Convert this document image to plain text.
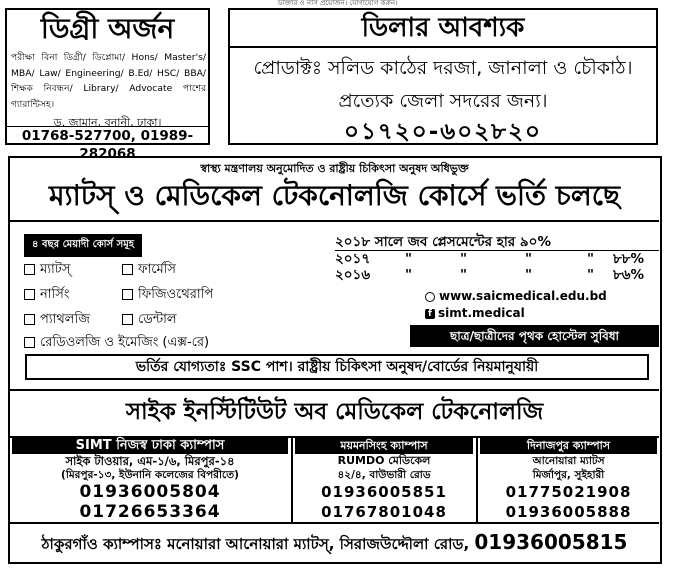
ডাক্তার ও নার্স প্রয়োজন। যোগাযোগ করুন।
ডিগ্রী অর্জন
পরীক্ষা বিনা ডিগ্রী/ ডিপ্লোমা/ Hons/ Master's/ MBA/ Law/ Engineering/ B.Ed/ HSC/ BBA/ শিক্ষক নিবন্ধন/ Library/ Advocate পাশের গ্যারান্টিসহ।
ড. জামান, বনানী, ঢাকা।
01768-527700, 01989-282068
ডিলার আবশ্যক
প্রোডাক্টঃ সলিড কাঠের দরজা, জানালা ও চৌকাঠ। প্রত্যেক জেলা সদরের জন্য।
০১৭২০-৬০২৮২০
স্বাস্থ্য মন্ত্রণালয় অনুমোদিত ও রাষ্ট্রীয় চিকিৎসা অনুষদ অধিভুক্ত
ম্যাটস্ ও মেডিকেল টেকনোলজি কোর্সে ভর্তি চলছে
৪ বছর মেয়াদী কোর্স সমূহ
ম্যাটস্	ফার্মেসি
নার্সিং	ফিজিওথেরাপি
প্যাথলজি	ডেন্টাল
রেডিওলজি ও ইমেজিং (এক্স-রে)
২০১৮ সালে জব প্লেসমেন্টের হার ৯০%
২০১৭	"	"	"	" ৮৮%
২০১৬	"	"	"	" ৮৬%
www.saicmedical.edu.bd
f simt.medical
ছাত্র/ছাত্রীদের পৃথক হোস্টেল সুবিধা
ভর্তির যোগ্যতাঃ SSC পাশ। রাষ্ট্রীয় চিকিৎসা অনুষদ/বোর্ডের নিয়মানুযায়ী
সাইক ইনস্টিটিউট অব মেডিকেল টেকনোলজি
SIMT নিজস্ব ঢাকা ক্যাম্পাস
সাইক টাওয়ার, এম-১/৬, মিরপুর-১৪
(মিরপুর-১৩, ইউনানি কলেজের বিপরীতে)
01936005804
01726653364
ময়মনসিংহ ক্যাম্পাস
RUMDO মেডিকেল
৪২/৪, বাউভারী রোড
01936005851
01767801048
দিনাজপুর ক্যাম্পাস
আনোয়ারা ম্যাটস
মির্জাপুর, সুইহারী
01775021908
01936005888
ঠাকুরগাঁও ক্যাম্পাসঃ মনোয়ারা আনোয়ারা ম্যাটস্, সিরাজউদ্দৌলা রোড, 01936005815
